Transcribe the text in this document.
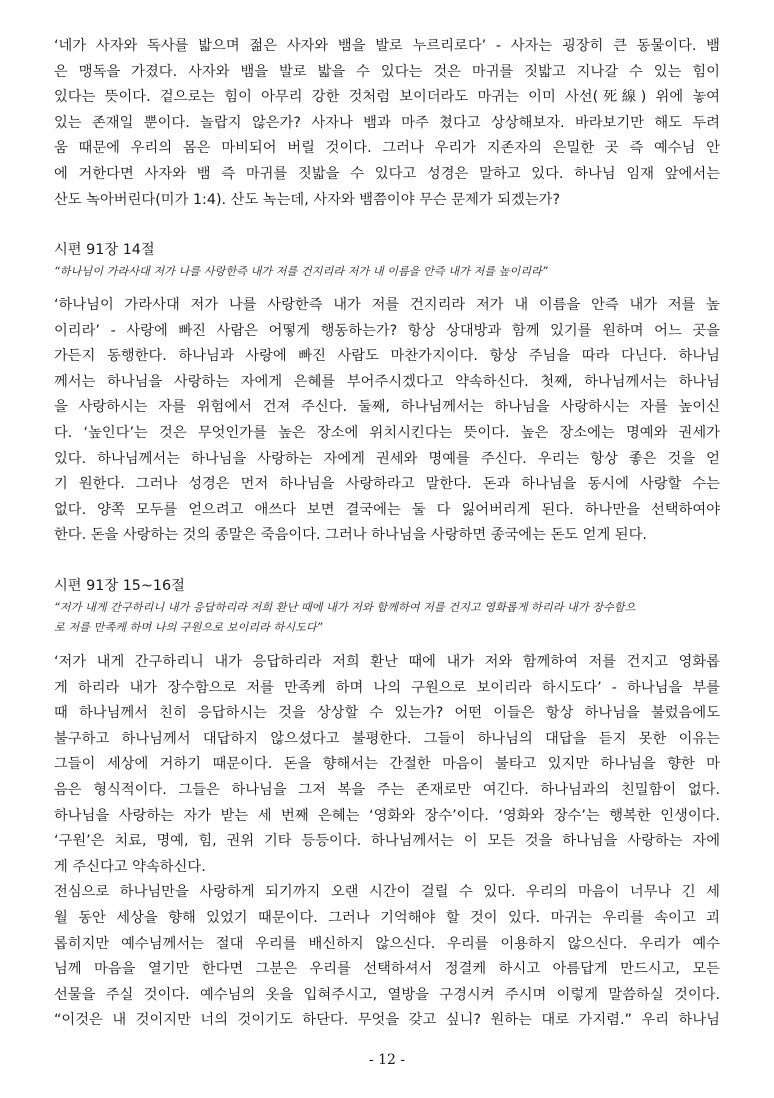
‘네가 사자와 독사를 밟으며 젊은 사자와 뱀을 발로 누르리로다’ - 사자는 굉장히 큰 동물이다. 뱀
은 맹독을 가졌다. 사자와 뱀을 발로 밟을 수 있다는 것은 마귀를 짓밟고 지나갈 수 있는 힘이
있다는 뜻이다. 겉으로는 힘이 아무리 강한 것처럼 보이더라도 마귀는 이미 사선(死線) 위에 놓여
있는 존재일 뿐이다. 놀랍지 않은가? 사자나 뱀과 마주 쳤다고 상상해보자. 바라보기만 해도 두려
움 때문에 우리의 몸은 마비되어 버릴 것이다. 그러나 우리가 지존자의 은밀한 곳 즉 예수님 안
에 거한다면 사자와 뱀 즉 마귀를 짓밟을 수 있다고 성경은 말하고 있다. 하나님 임재 앞에서는
산도 녹아버린다(미가 1:4). 산도 녹는데, 사자와 뱀쯤이야 무슨 문제가 되겠는가?
시편 91장 14절
“하나님이 가라사대 저가 나를 사랑한즉 내가 저를 건지리라 저가 내 이름을 안즉 내가 저를 높이리라”
‘하나님이 가라사대 저가 나를 사랑한즉 내가 저를 건지리라 저가 내 이름을 안즉 내가 저를 높
이리라’ - 사랑에 빠진 사람은 어떻게 행동하는가? 항상 상대방과 함께 있기를 원하며 어느 곳을
가든지 동행한다. 하나님과 사랑에 빠진 사람도 마찬가지이다. 항상 주님을 따라 다닌다. 하나님
께서는 하나님을 사랑하는 자에게 은혜를 부어주시겠다고 약속하신다. 첫째, 하나님께서는 하나님
을 사랑하시는 자를 위험에서 건져 주신다. 둘째, 하나님께서는 하나님을 사랑하시는 자를 높이신
다. ‘높인다’는 것은 무엇인가를 높은 장소에 위치시킨다는 뜻이다. 높은 장소에는 명예와 권세가
있다. 하나님께서는 하나님을 사랑하는 자에게 권세와 명예를 주신다. 우리는 항상 좋은 것을 얻
기 원한다. 그러나 성경은 먼저 하나님을 사랑하라고 말한다. 돈과 하나님을 동시에 사랑할 수는
없다. 양쪽 모두를 얻으려고 애쓰다 보면 결국에는 둘 다 잃어버리게 된다. 하나만을 선택하여야
한다. 돈을 사랑하는 것의 종말은 죽음이다. 그러나 하나님을 사랑하면 종국에는 돈도 얻게 된다.
시편 91장 15~16절
“저가 내게 간구하리니 내가 응답하리라 저희 환난 때에 내가 저와 함께하여 저를 건지고 영화롭게 하리라 내가 장수함으
로 저를 만족케 하며 나의 구원으로 보이리라 하시도다”
‘저가 내게 간구하리니 내가 응답하리라 저희 환난 때에 내가 저와 함께하여 저를 건지고 영화롭
게 하리라 내가 장수함으로 저를 만족케 하며 나의 구원으로 보이리라 하시도다’ - 하나님을 부를
때 하나님께서 친히 응답하시는 것을 상상할 수 있는가? 어떤 이들은 항상 하나님을 불렀음에도
불구하고 하나님께서 대답하지 않으셨다고 불평한다. 그들이 하나님의 대답을 듣지 못한 이유는
그들이 세상에 거하기 때문이다. 돈을 향해서는 간절한 마음이 불타고 있지만 하나님을 향한 마
음은 형식적이다. 그들은 하나님을 그저 복을 주는 존재로만 여긴다. 하나님과의 친밀함이 없다.
하나님을 사랑하는 자가 받는 세 번째 은혜는 ‘영화와 장수’이다. ‘영화와 장수’는 행복한 인생이다.
‘구원’은 치료, 명예, 힘, 권위 기타 등등이다. 하나님께서는 이 모든 것을 하나님을 사랑하는 자에
게 주신다고 약속하신다.
전심으로 하나님만을 사랑하게 되기까지 오랜 시간이 걸릴 수 있다. 우리의 마음이 너무나 긴 세
월 동안 세상을 향해 있었기 때문이다. 그러나 기억해야 할 것이 있다. 마귀는 우리를 속이고 괴
롭히지만 예수님께서는 절대 우리를 배신하지 않으신다. 우리를 이용하지 않으신다. 우리가 예수
님께 마음을 열기만 한다면 그분은 우리를 선택하셔서 정결케 하시고 아름답게 만드시고, 모든
선물을 주실 것이다. 예수님의 옷을 입혀주시고, 열방을 구경시켜 주시며 이렇게 말씀하실 것이다.
“이것은 내 것이지만 너의 것이기도 하단다. 무엇을 갖고 싶니? 원하는 대로 가지렴.” 우리 하나님
- 12 -
